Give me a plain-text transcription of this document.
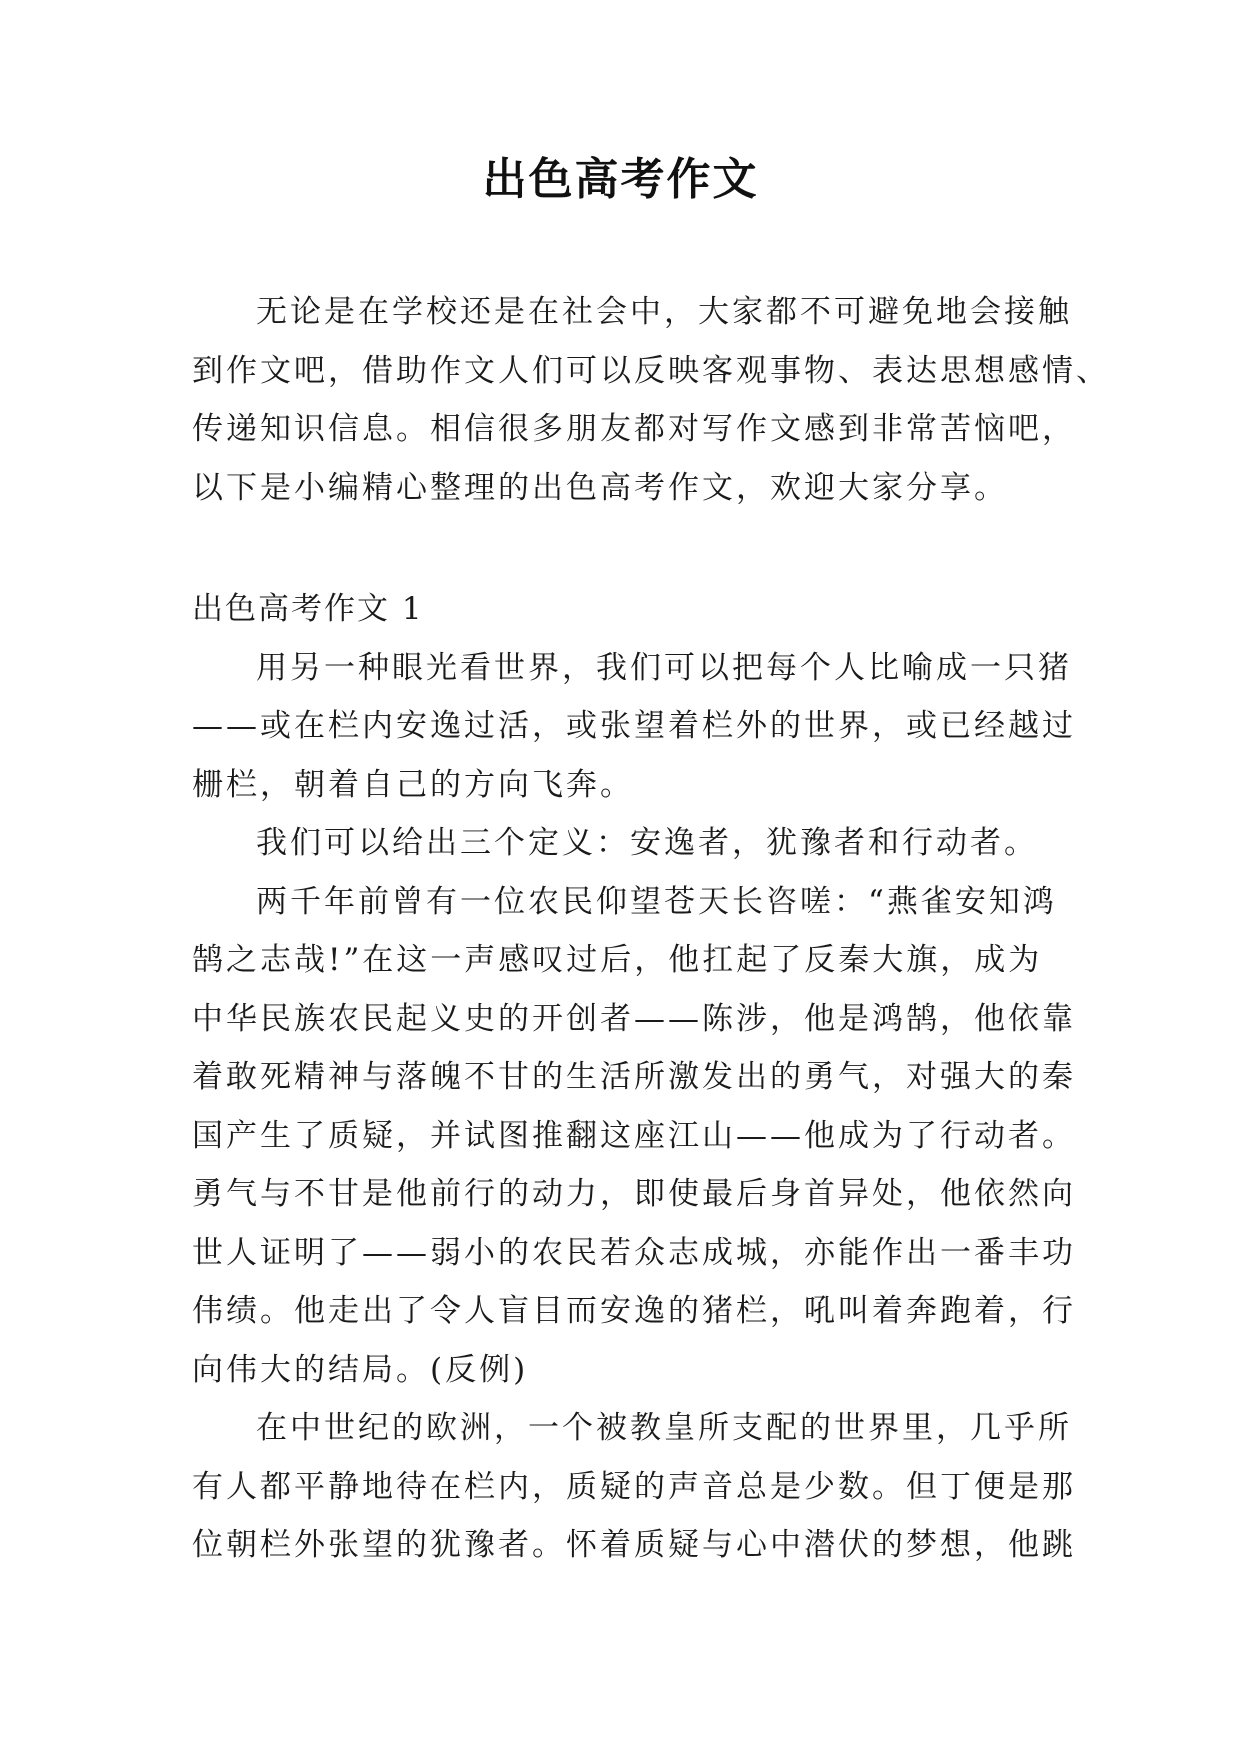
出色高考作文
无论是在学校还是在社会中，大家都不可避免地会接触
到作文吧，借助作文人们可以反映客观事物、表达思想感情、
传递知识信息。相信很多朋友都对写作文感到非常苦恼吧，
以下是小编精心整理的出色高考作文，欢迎大家分享。
出色高考作文 1
用另一种眼光看世界，我们可以把每个人比喻成一只猪
——或在栏内安逸过活，或张望着栏外的世界，或已经越过
栅栏，朝着自己的方向飞奔。
我们可以给出三个定义：安逸者，犹豫者和行动者。
两千年前曾有一位农民仰望苍天长咨嗟：“燕雀安知鸿
鹄之志哉!”在这一声感叹过后，他扛起了反秦大旗，成为
中华民族农民起义史的开创者——陈涉，他是鸿鹄，他依靠
着敢死精神与落魄不甘的生活所激发出的勇气，对强大的秦
国产生了质疑，并试图推翻这座江山——他成为了行动者。
勇气与不甘是他前行的动力，即使最后身首异处，他依然向
世人证明了——弱小的农民若众志成城，亦能作出一番丰功
伟绩。他走出了令人盲目而安逸的猪栏，吼叫着奔跑着，行
向伟大的结局。(反例)
在中世纪的欧洲，一个被教皇所支配的世界里，几乎所
有人都平静地待在栏内，质疑的声音总是少数。但丁便是那
位朝栏外张望的犹豫者。怀着质疑与心中潜伏的梦想，他跳
